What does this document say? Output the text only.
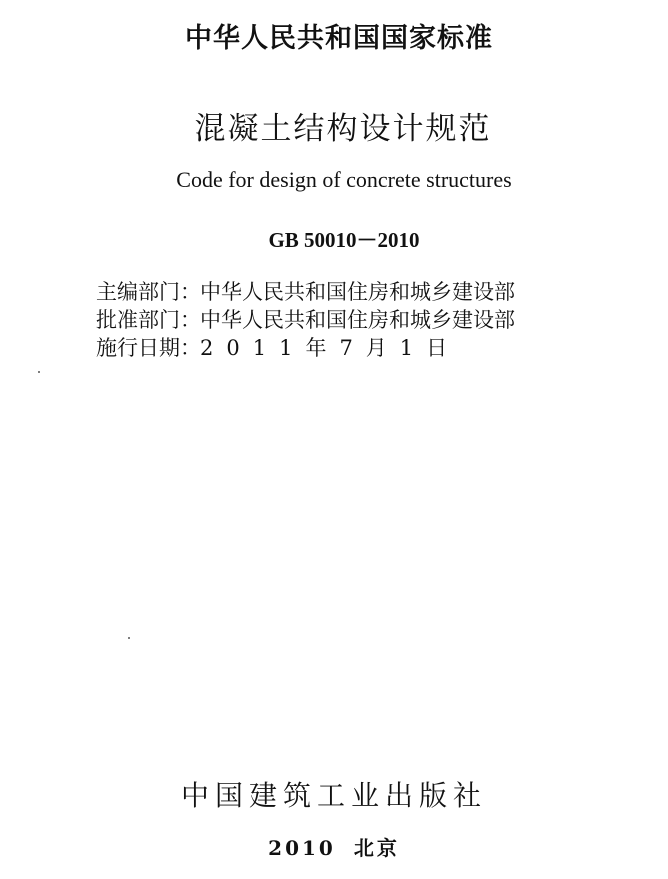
中华人民共和国国家标准
混凝土结构设计规范
Code for design of concrete structures
GB 50010－2010
主编部门： 中华人民共和国住房和城乡建设部
批准部门： 中华人民共和国住房和城乡建设部
施行日期： 2011年7月1日
中国建筑工业出版社
2010 北京
